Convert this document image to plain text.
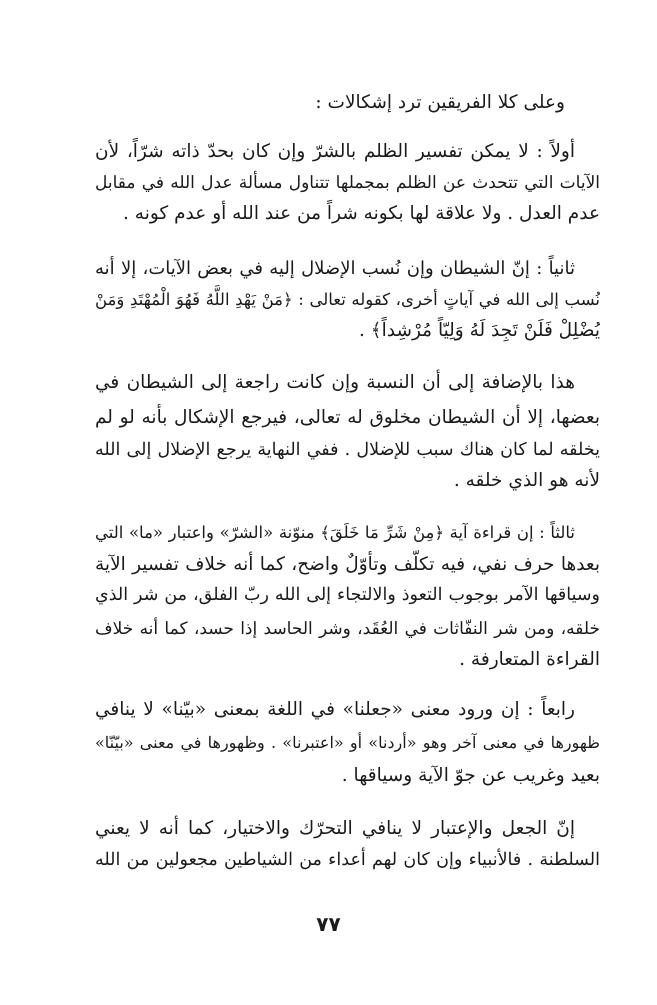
وعلى كلا الفريقين ترد إشكالات :
أولاً : لا يمكن تفسير الظلم بالشرّ وإن كان بحدّ ذاته شرّاً، لأن
الآيات التي تتحدث عن الظلم بمجملها تتناول مسألة عدل الله في مقابل
عدم العدل . ولا علاقة لها بكونه شراً من عند الله أو عدم كونه .
ثانياً : إنّ الشيطان وإن نُسب الإضلال إليه في بعض الآيات، إلا أنه
نُسب إلى الله في آياتٍ أخرى، كقوله تعالى : ﴿مَنْ يَهْدِ اللَّهُ فَهُوَ الْمُهْتَدِ وَمَنْ
يُضْلِلْ فَلَنْ تَجِدَ لَهُ وَلِيّاً مُرْشِداً﴾ .
هذا بالإضافة إلى أن النسبة وإن كانت راجعة إلى الشيطان في
بعضها، إلا أن الشيطان مخلوق له تعالى، فيرجع الإشكال بأنه لو لم
يخلقه لما كان هناك سبب للإضلال . ففي النهاية يرجع الإضلال إلى الله
لأنه هو الذي خلقه .
ثالثاً : إن قراءة آية ﴿مِنْ شَرِّ مَا خَلَقَ﴾ منوّنة «الشرّ» واعتبار «ما» التي
بعدها حرف نفي، فيه تكلّف وتأوّلٌ واضح، كما أنه خلاف تفسير الآية
وسياقها الآمر بوجوب التعوذ والالتجاء إلى الله ربّ الفلق، من شر الذي
خلقه، ومن شر النفّاثات في العُقَد، وشر الحاسد إذا حسد، كما أنه خلاف
القراءة المتعارفة .
رابعاً : إن ورود معنى «جعلنا» في اللغة بمعنى «بيّنا» لا ينافي
ظهورها في معنى آخر وهو «أردنا» أو «اعتبرنا» . وظهورها في معنى «بيّنّا»
بعيد وغريب عن جوّ الآية وسياقها .
إنّ الجعل والإعتبار لا ينافي التحرّك والاختيار، كما أنه لا يعني
السلطنة . فالأنبياء وإن كان لهم أعداء من الشياطين مجعولين من الله
٧٧
